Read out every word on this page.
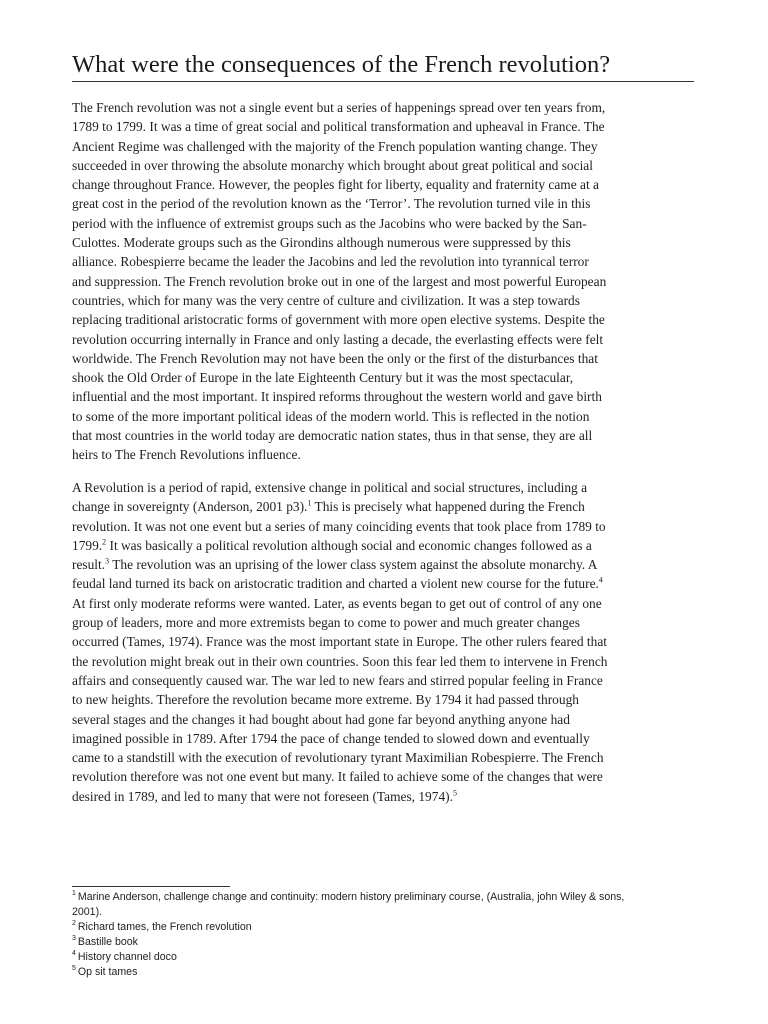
What were the consequences of the French revolution?

The French revolution was not a single event but a series of happenings spread over ten years from,
1789 to 1799. It was a time of great social and political transformation and upheaval in France. The
Ancient Regime was challenged with the majority of the French population wanting change. They
succeeded in over throwing the absolute monarchy which brought about great political and social
change throughout France. However, the peoples fight for liberty, equality and fraternity came at a
great cost in the period of the revolution known as the ‘Terror’. The revolution turned vile in this
period with the influence of extremist groups such as the Jacobins who were backed by the San-
Culottes. Moderate groups such as the Girondins although numerous were suppressed by this
alliance. Robespierre became the leader the Jacobins and led the revolution into tyrannical terror
and suppression. The French revolution broke out in one of the largest and most powerful European
countries, which for many was the very centre of culture and civilization. It was a step towards
replacing traditional aristocratic forms of government with more open elective systems. Despite the
revolution occurring internally in France and only lasting a decade, the everlasting effects were felt
worldwide. The French Revolution may not have been the only or the first of the disturbances that
shook the Old Order of Europe in the late Eighteenth Century but it was the most spectacular,
influential and the most important. It inspired reforms throughout the western world and gave birth
to some of the more important political ideas of the modern world. This is reflected in the notion
that most countries in the world today are democratic nation states, thus in that sense, they are all
heirs to The French Revolutions influence.

A Revolution is a period of rapid, extensive change in political and social structures, including a
change in sovereignty (Anderson, 2001 p3).$^1$ This is precisely what happened during the French
revolution. It was not one event but a series of many coinciding events that took place from 1789 to
1799.$^2$ It was basically a political revolution although social and economic changes followed as a
result.$^3$ The revolution was an uprising of the lower class system against the absolute monarchy. A
feudal land turned its back on aristocratic tradition and charted a violent new course for the future.$^4$
At first only moderate reforms were wanted. Later, as events began to get out of control of any one
group of leaders, more and more extremists began to come to power and much greater changes
occurred (Tames, 1974). France was the most important state in Europe. The other rulers feared that
the revolution might break out in their own countries. Soon this fear led them to intervene in French
affairs and consequently caused war. The war led to new fears and stirred popular feeling in France
to new heights. Therefore the revolution became more extreme. By 1794 it had passed through
several stages and the changes it had bought about had gone far beyond anything anyone had
imagined possible in 1789. After 1794 the pace of change tended to slowed down and eventually
came to a standstill with the execution of revolutionary tyrant Maximilian Robespierre. The French
revolution therefore was not one event but many. It failed to achieve some of the changes that were
desired in 1789, and led to many that were not foreseen (Tames, 1974).$^5$

$^1$ Marine Anderson, challenge change and continuity: modern history preliminary course, (Australia, john Wiley & sons,
2001).

$^2$ Richard tames, the French revolution

$^3$ Bastille book

$^4$ History channel doco

$^5$ Op sit tames
